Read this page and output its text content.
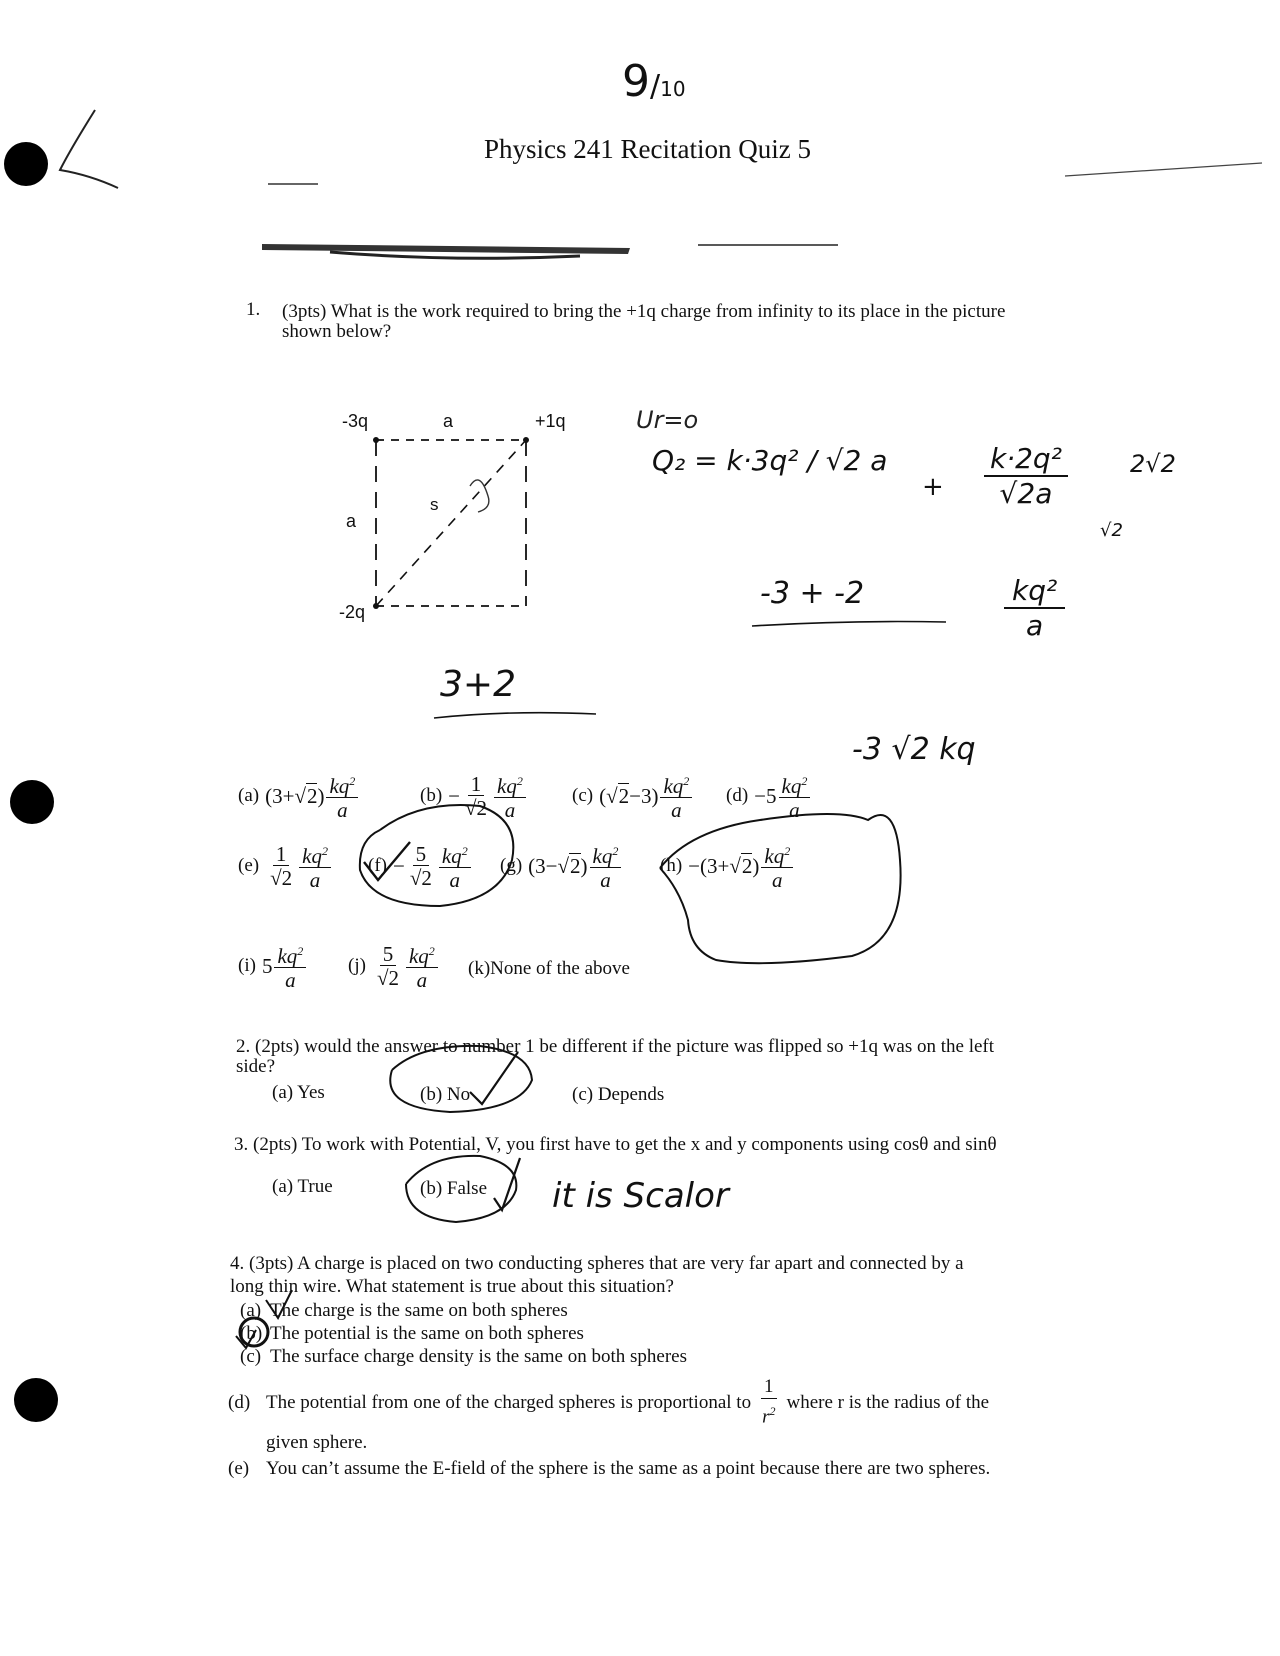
9/10
Physics 241 Recitation Quiz 5
1. (3pts) What is the work required to bring the +1q charge from infinity to its place in the picture
shown below?
-3q	a	+1q
a
s
-2q
Ur=o
Q₂ = k·3q² / √2 a
+ $\frac{\text{k·2q²}}{√2a}$	2√2
√2
-3 + -2	$\frac{\text{kq²}}{a}$
3+2
-3 √2 kq
(a) (3+ √2 ) $\frac{kq^2}{a}$	$(b) - \frac{1}{√2} \frac{kq^2}{a} (c)$ ( $√2 -3) \frac{kq^2}{a} (d) -5 \frac{kq^2}{a}$
$(e) \frac{1}{√2} \frac{kq^2}{a} (f) - \frac{5}{√2} \frac{kq^2}{a} (g)$ (3− √2 ) $\frac{kq^2}{a} (h) -(3+ √2$ ) $\frac{kq^2}{a}$
(i) $5 \frac{kq^2}{a} (j) \frac{5}{√2} \frac{kq^2}{a}$ (k)None of the above
2. (2pts) would the answer to number 1 be different if the picture was flipped so +1q was on the left
side?
(a) Yes	(b) No	(c) Depends
3. (2pts) To work with Potential, V, you first have to get the x and y components using cosθ and sinθ
(a) True	(b) False it is Scalor
4. (3pts) A charge is placed on two conducting spheres that are very far apart and connected by a
long thin wire. What statement is true about this situation?
(a) The charge is the same on both spheres
(b) The potential is the same on both spheres
(c) The surface charge density is the same on both spheres
(d) The potential from one of the charged spheres is proportional to $\frac{1}{r^2}$ where r is the radius of the
given sphere.
(e) You can’t assume the E-field of the sphere is the same as a point because there are two spheres.
